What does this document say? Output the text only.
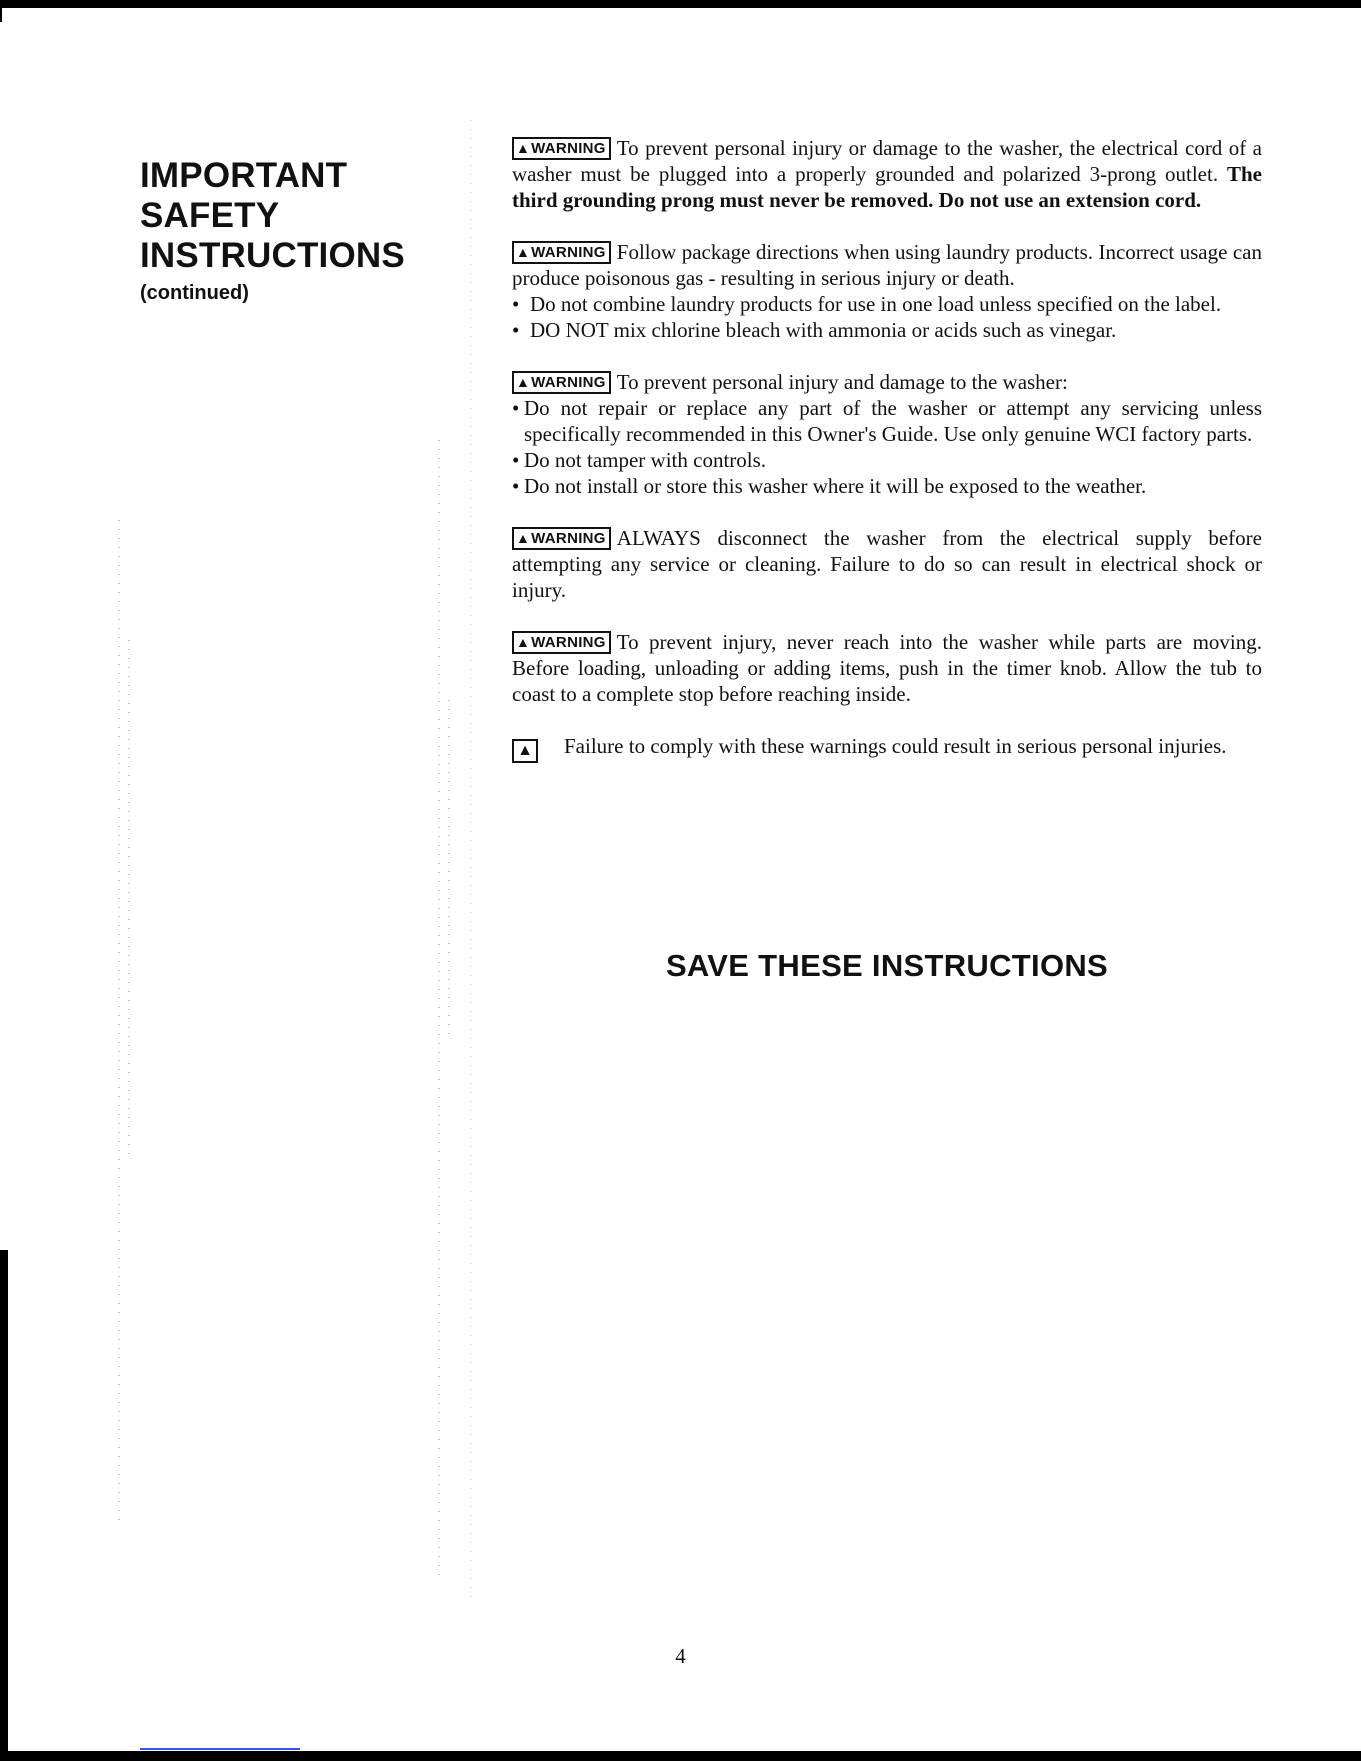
IMPORTANT
SAFETY
INSTRUCTIONS
(continued)

▲WARNING To prevent personal injury or damage to the washer, the electrical cord of a washer must be plugged into a properly grounded and polarized 3-prong outlet. The third grounding prong must never be removed. Do not use an extension cord.

▲WARNING Follow package directions when using laundry products. Incorrect usage can produce poisonous gas - resulting in serious injury or death.
• Do not combine laundry products for use in one load unless specified on the label.
• DO NOT mix chlorine bleach with ammonia or acids such as vinegar.
▲WARNING To prevent personal injury and damage to the washer:
• Do not repair or replace any part of the washer or attempt any servicing unless specifically recommended in this Owner's Guide. Use only genuine WCI factory parts.
• Do not tamper with controls.
• Do not install or store this washer where it will be exposed to the weather.

▲WARNING ALWAYS disconnect the washer from the electrical supply before attempting any service or cleaning. Failure to do so can result in electrical shock or injury.

▲WARNING To prevent injury, never reach into the washer while parts are moving. Before loading, unloading or adding items, push in the timer knob. Allow the tub to coast to a complete stop before reaching inside.

▲ Failure to comply with these warnings could result in serious personal injuries.

SAVE THESE INSTRUCTIONS
4
